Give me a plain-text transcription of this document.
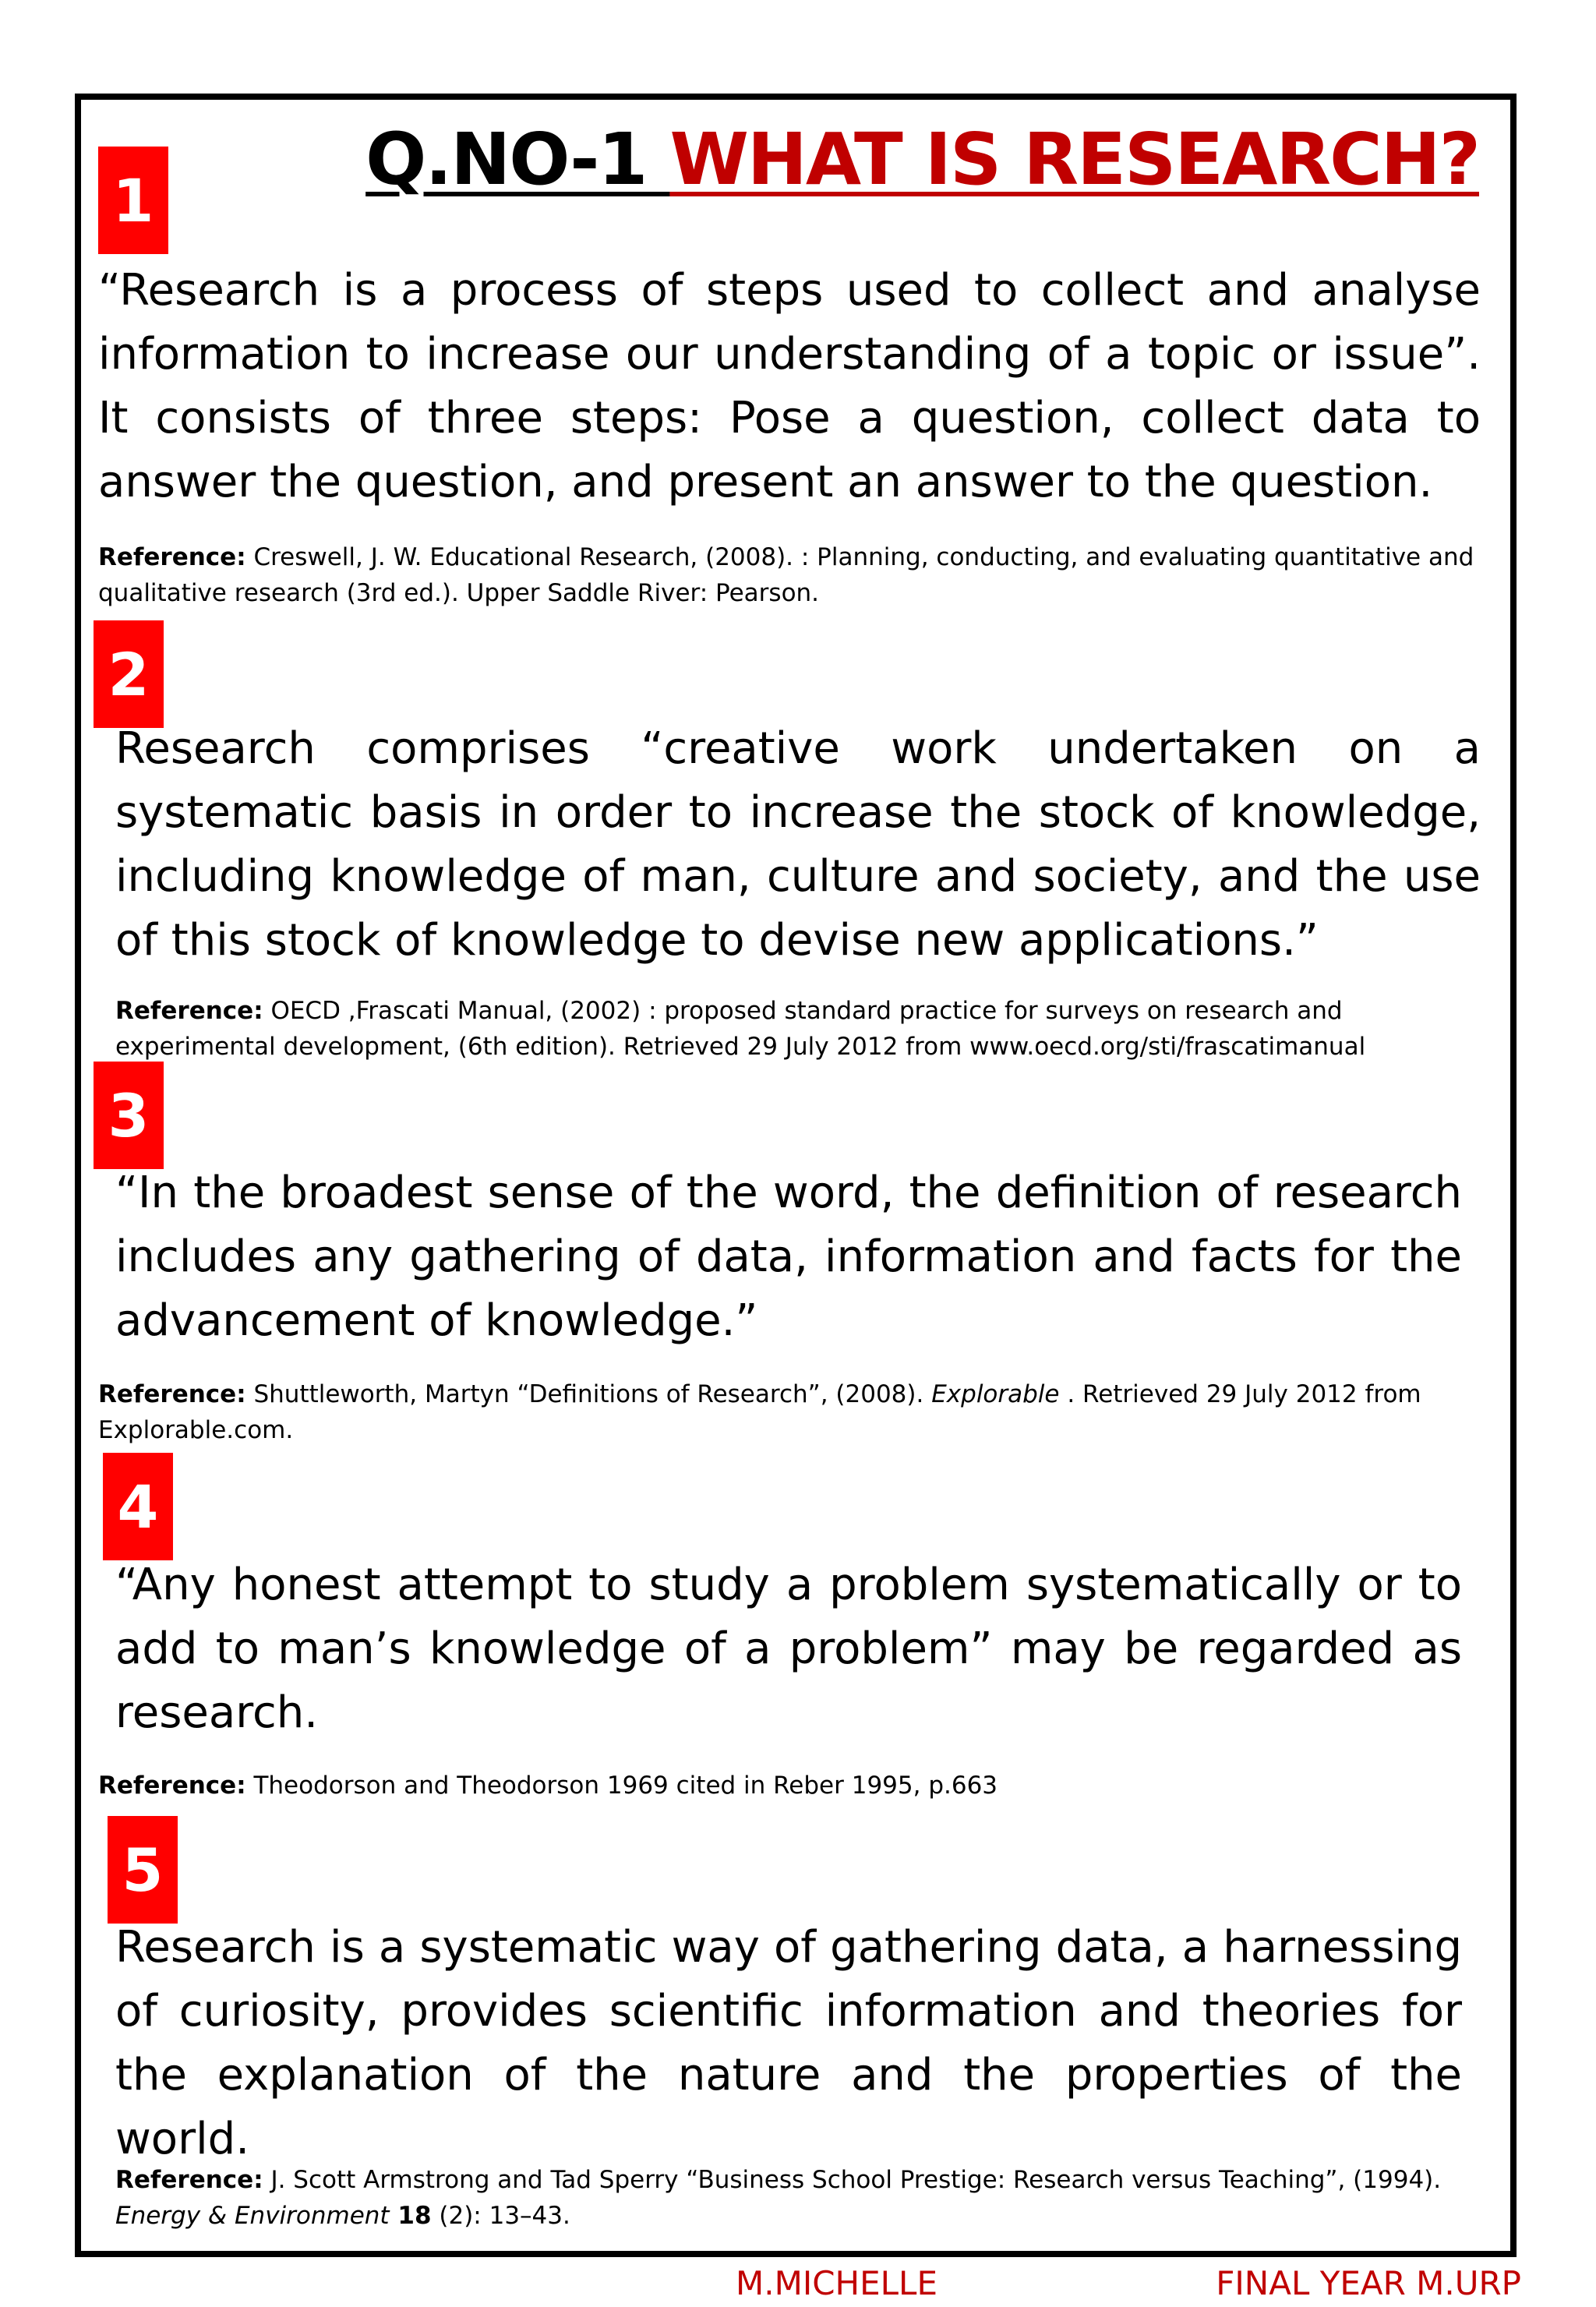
Q.NO-1 WHAT IS RESEARCH?
1

“Research is a process of steps used to collect and analyse information to increase our understanding of a topic or issue”. It consists of three steps: Pose a question, collect data to answer the question, and present an answer to the question.

Reference: Creswell, J. W. Educational Research, (2008). : Planning, conducting, and evaluating quantitative and qualitative research (3rd ed.). Upper Saddle River: Pearson.

2

Research comprises “creative work undertaken on a systematic basis in order to increase the stock of knowledge, including knowledge of man, culture and society, and the use of this stock of knowledge to devise new applications.”

Reference: OECD ,Frascati Manual, (2002) : proposed standard practice for surveys on research and experimental development, (6th edition). Retrieved 29 July 2012 from www.oecd.org/sti/frascatimanual

3

“In the broadest sense of the word, the definition of research includes any gathering of data, information and facts for the advancement of knowledge.”

Reference: Shuttleworth, Martyn “Definitions of Research”, (2008). Explorable . Retrieved 29 July 2012 from Explorable.com.

4

“Any honest attempt to study a problem systematically or to add to man’s knowledge of a problem” may be regarded as research.

Reference: Theodorson and Theodorson 1969 cited in Reber 1995, p.663

5

Research is a systematic way of gathering data, a harnessing of curiosity, provides scientific information and theories for the explanation of the nature and the properties of the world.

Reference: J. Scott Armstrong and Tad Sperry “Business School Prestige: Research versus Teaching”, (1994). Energy & Environment 18 (2): 13–43.

M.MICHELLE	FINAL YEAR M.URP
